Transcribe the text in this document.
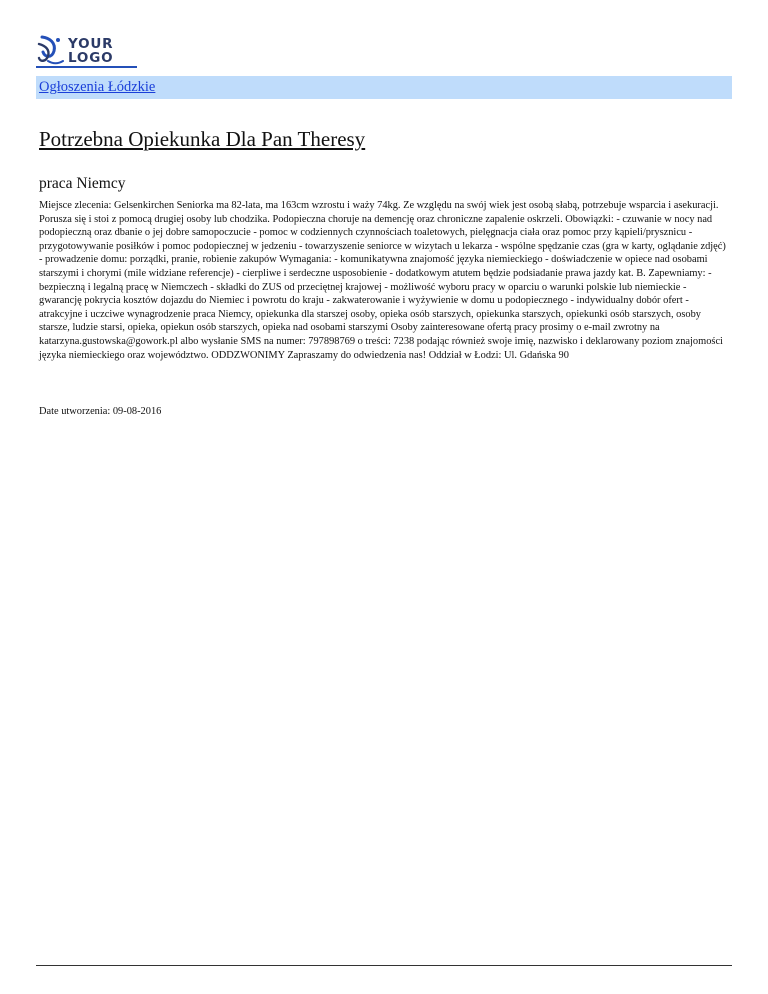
YOUR
LOGO
Ogłoszenia Łódzkie
Potrzebna Opiekunka Dla Pan Theresy
praca Niemcy

Miejsce zlecenia: Gelsenkirchen Seniorka ma 82-lata, ma 163cm wzrostu i waży 74kg. Ze względu na swój wiek jest osobą słabą, potrzebuje wsparcia i asekuracji. Porusza się i stoi z pomocą drugiej osoby lub chodzika. Podopieczna choruje na demencję oraz chroniczne zapalenie oskrzeli. Obowiązki: - czuwanie w nocy nad podopieczną oraz dbanie o jej dobre samopoczucie - pomoc w codziennych czynnościach toaletowych, pielęgnacja ciała oraz pomoc przy kąpieli/prysznicu - przygotowywanie posiłków i pomoc podopiecznej w jedzeniu - towarzyszenie seniorce w wizytach u lekarza - wspólne spędzanie czas (gra w karty, oglądanie zdjęć) - prowadzenie domu: porządki, pranie, robienie zakupów Wymagania: - komunikatywna znajomość języka niemieckiego - doświadczenie w opiece nad osobami starszymi i chorymi (mile widziane referencje) - cierpliwe i serdeczne usposobienie - dodatkowym atutem będzie podsiadanie prawa jazdy kat. B. Zapewniamy: - bezpieczną i legalną pracę w Niemczech - składki do ZUS od przeciętnej krajowej - możliwość wyboru pracy w oparciu o warunki polskie lub niemieckie - gwarancję pokrycia kosztów dojazdu do Niemiec i powrotu do kraju - zakwaterowanie i wyżywienie w domu u podopiecznego - indywidualny dobór ofert - atrakcyjne i uczciwe wynagrodzenie praca Niemcy, opiekunka dla starszej osoby, opieka osób starszych, opiekunka starszych, opiekunki osób starszych, osoby starsze, ludzie starsi, opieka, opiekun osób starszych, opieka nad osobami starszymi Osoby zainteresowane ofertą pracy prosimy o e-mail zwrotny na katarzyna.gustowska@gowork.pl albo wysłanie SMS na numer: 797898769 o treści: 7238 podając również swoje imię, nazwisko i deklarowany poziom znajomości języka niemieckiego oraz województwo. ODDZWONIMY Zapraszamy do odwiedzenia nas! Oddział w Łodzi: Ul. Gdańska 90

Date utworzenia: 09-08-2016
